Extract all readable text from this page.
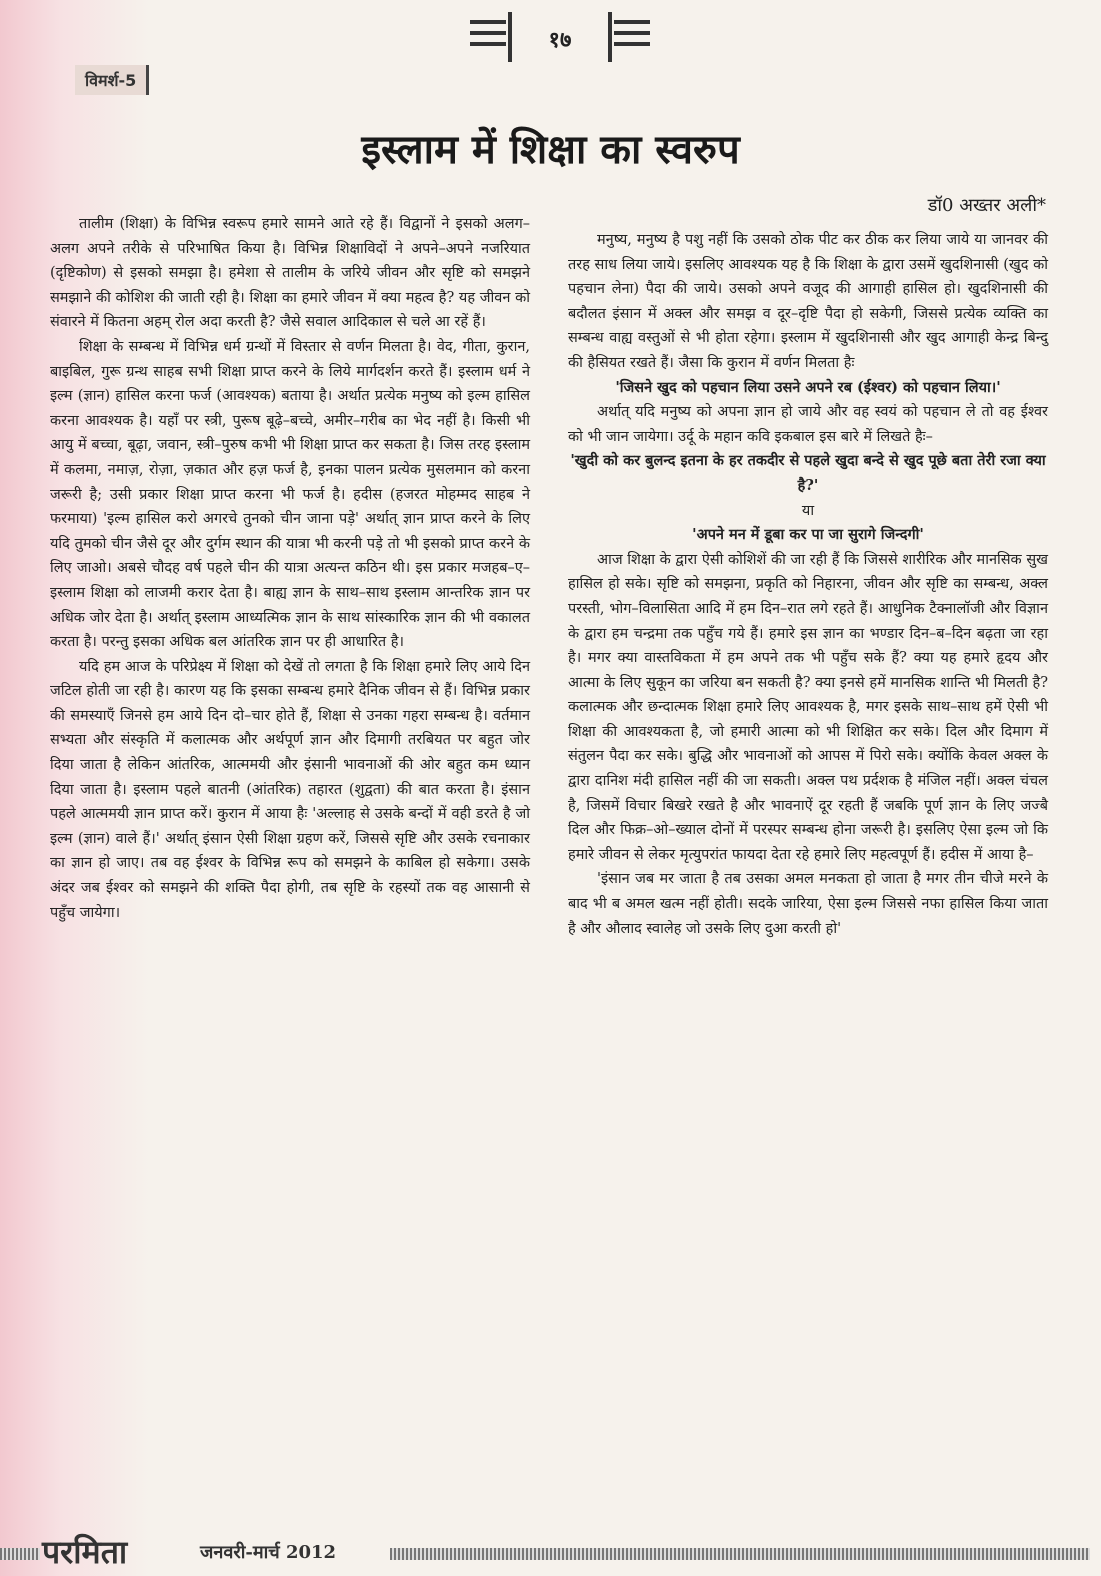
१७
विमर्श-5
इस्लाम में शिक्षा का स्वरुप
डॉ0 अख्तर अली*

तालीम (शिक्षा) के विभिन्न स्वरूप हमारे सामने आते रहे हैं। विद्वानों ने इसको अलग–अलग अपने तरीके से परिभाषित किया है। विभिन्न शिक्षाविदों ने अपने–अपने नजरियात (दृष्टिकोण) से इसको समझा है। हमेशा से तालीम के जरिये जीवन और सृष्टि को समझने समझाने की कोशिश की जाती रही है। शिक्षा का हमारे जीवन में क्या महत्व है? यह जीवन को संवारने में कितना अहम् रोल अदा करती है? जैसे सवाल आदिकाल से चले आ रहें हैं।

शिक्षा के सम्बन्ध में विभिन्न धर्म ग्रन्थों में विस्तार से वर्णन मिलता है। वेद, गीता, कुरान, बाइबिल, गुरू ग्रन्थ साहब सभी शिक्षा प्राप्त करने के लिये मार्गदर्शन करते हैं। इस्लाम धर्म ने इल्म (ज्ञान) हासिल करना फर्ज (आवश्यक) बताया है। अर्थात प्रत्येक मनुष्य को इल्म हासिल करना आवश्यक है। यहाँ पर स्त्री, पुरूष बूढ़े–बच्चे, अमीर–गरीब का भेद नहीं है। किसी भी आयु में बच्चा, बूढ़ा, जवान, स्त्री–पुरुष कभी भी शिक्षा प्राप्त कर सकता है। जिस तरह इस्लाम में कलमा, नमाज़, रोज़ा, ज़कात और हज़ फर्ज है, इनका पालन प्रत्येक मुसलमान को करना जरूरी है; उसी प्रकार शिक्षा प्राप्त करना भी फर्ज है। हदीस (हजरत मोहम्मद साहब ने फरमाया) 'इल्म हासिल करो अगरचे तुनको चीन जाना पड़े' अर्थात् ज्ञान प्राप्त करने के लिए यदि तुमको चीन जैसे दूर और दुर्गम स्थान की यात्रा भी करनी पड़े तो भी इसको प्राप्त करने के लिए जाओ। अबसे चौदह वर्ष पहले चीन की यात्रा अत्यन्त कठिन थी। इस प्रकार मजहब–ए–इस्लाम शिक्षा को लाजमी करार देता है। बाह्य ज्ञान के साथ–साथ इस्लाम आन्तरिक ज्ञान पर अधिक जोर देता है। अर्थात् इस्लाम आध्यत्मिक ज्ञान के साथ सांस्कारिक ज्ञान की भी वकालत करता है। परन्तु इसका अधिक बल आंतरिक ज्ञान पर ही आधारित है।

यदि हम आज के परिप्रेक्ष्य में शिक्षा को देखें तो लगता है कि शिक्षा हमारे लिए आये दिन जटिल होती जा रही है। कारण यह कि इसका सम्बन्ध हमारे दैनिक जीवन से हैं। विभिन्न प्रकार की समस्याएँ जिनसे हम आये दिन दो–चार होते हैं, शिक्षा से उनका गहरा सम्बन्ध है। वर्तमान सभ्यता और संस्कृति में कलात्मक और अर्थपूर्ण ज्ञान और दिमागी तरबियत पर बहुत जोर दिया जाता है लेकिन आंतरिक, आत्ममयी और इंसानी भावनाओं की ओर बहुत कम ध्यान दिया जाता है। इस्लाम पहले बातनी (आंतरिक) तहारत (शुद्वता) की बात करता है। इंसान पहले आत्ममयी ज्ञान प्राप्त करें। कुरान में आया हैः 'अल्लाह से उसके बन्दों में वही डरते है जो इल्म (ज्ञान) वाले हैं।' अर्थात् इंसान ऐसी शिक्षा ग्रहण करें, जिससे सृष्टि और उसके रचनाकार का ज्ञान हो जाए। तब वह ईश्वर के विभिन्न रूप को समझने के काबिल हो सकेगा। उसके अंदर जब ईश्वर को समझने की शक्ति पैदा होगी, तब सृष्टि के रहस्यों तक वह आसानी से पहुँच जायेगा।

मनुष्य, मनुष्य है पशु नहीं कि उसको ठोक पीट कर ठीक कर लिया जाये या जानवर की तरह साध लिया जाये। इसलिए आवश्यक यह है कि शिक्षा के द्वारा उसमें खुदशिनासी (खुद को पहचान लेना) पैदा की जाये। उसको अपने वजूद की आगाही हासिल हो। खुदशिनासी की बदौलत इंसान में अक्ल और समझ व दूर–दृष्टि पैदा हो सकेगी, जिससे प्रत्येक व्यक्ति का सम्बन्ध वाह्य वस्तुओं से भी होता रहेगा। इस्लाम में खुदशिनासी और खुद आगाही केन्द्र बिन्दु की हैसियत रखते हैं। जैसा कि कुरान में वर्णन मिलता हैः

'जिसने खुद को पहचान लिया उसने अपने रब (ईश्वर) को पहचान लिया।'

अर्थात् यदि मनुष्य को अपना ज्ञान हो जाये और वह स्वयं को पहचान ले तो वह ईश्वर को भी जान जायेगा। उर्दू के महान कवि इकबाल इस बारे में लिखते हैः–

'खुदी को कर बुलन्द इतना के हर तकदीर से पहले खुदा बन्दे से खुद पूछे बता तेरी रजा क्या है?'

या

'अपने मन में डूबा कर पा जा सुरागे जिन्दगी'

आज शिक्षा के द्वारा ऐसी कोशिशें की जा रही हैं कि जिससे शारीरिक और मानसिक सुख हासिल हो सके। सृष्टि को समझना, प्रकृति को निहारना, जीवन और सृष्टि का सम्बन्ध, अक्ल परस्ती, भोग–विलासिता आदि में हम दिन–रात लगे रहते हैं। आधुनिक टैक्नालॉजी और विज्ञान के द्वारा हम चन्द्रमा तक पहुँच गये हैं। हमारे इस ज्ञान का भण्डार दिन–ब–दिन बढ़ता जा रहा है। मगर क्या वास्तविकता में हम अपने तक भी पहुँच सके हैं? क्या यह हमारे हृदय और आत्मा के लिए सुकून का जरिया बन सकती है? क्या इनसे हमें मानसिक शान्ति भी मिलती है? कलात्मक और छन्दात्मक शिक्षा हमारे लिए आवश्यक है, मगर इसके साथ–साथ हमें ऐसी भी शिक्षा की आवश्यकता है, जो हमारी आत्मा को भी शिक्षित कर सके। दिल और दिमाग में संतुलन पैदा कर सके। बुद्धि और भावनाओं को आपस में पिरो सके। क्योंकि केवल अक्ल के द्वारा दानिश मंदी हासिल नहीं की जा सकती। अक्ल पथ प्रर्दशक है मंजिल नहीं। अक्ल चंचल है, जिसमें विचार बिखरे रखते है और भावनाऐं दूर रहती हैं जबकि पूर्ण ज्ञान के लिए जज्बै दिल और फिक्र–ओ–ख्याल दोनों में परस्पर सम्बन्ध होना जरूरी है। इसलिए ऐसा इल्म जो कि हमारे जीवन से लेकर मृत्युपरांत फायदा देता रहे हमारे लिए महत्वपूर्ण हैं। हदीस में आया है–

'इंसान जब मर जाता है तब उसका अमल मनकता हो जाता है मगर तीन चीजे मरने के बाद भी ब अमल खत्म नहीं होती। सदके जारिया, ऐसा इल्म जिससे नफा हासिल किया जाता है और औलाद स्वालेह जो उसके लिए दुआ करती हो'

परमिता	जनवरी-मार्च 2012
